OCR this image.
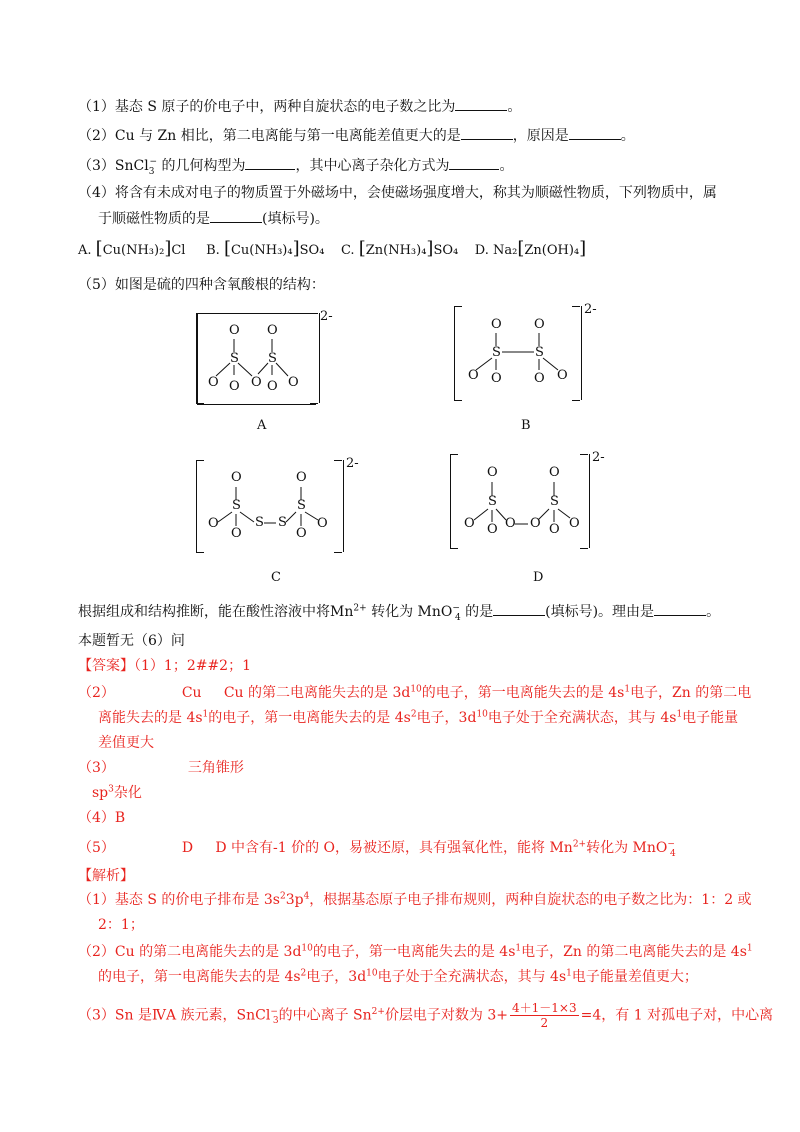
（1）基态 S 原子的价电子中，两种自旋状态的电子数之比为	。
（2）Cu 与 Zn 相比，第二电离能与第一电离能差值更大的是	，原因是	。
（3）SnCl$_3$− 的几何构型为	，其中心离子杂化方式为	。
（4）将含有未成对电子的物质置于外磁场中，会使磁场强度增大，称其为顺磁性物质，下列物质中，属
于顺磁性物质的是	(填标号)。
A. [Cu(NH₃)₂]Cl B. [Cu(NH₃)₄]SO₄ C. [Zn(NH₃)₄]SO₄ D. Na₂[Zn(OH)₄]
（5）如图是硫的四种含氧酸根的结构：
O
S
O O O
O
S
O O
2-
A
O
S
O O
O
S
O O
2-
B
O
S
O
O
S S
O
S
O
O
2-
C
O
S
O O O O
O
S
O O
2-
D
根据组成和结构推断，能在酸性溶液中将$Mn^{2+}$ 转化为 MnO−$_4$ 的是	(填标号)。理由是	。
本题暂无（6）问
【答案】（1）1；2##2；1
（2）	Cu Cu 的第二电离能失去的是 $3d^{10}$的电子，第一电离能失去的是 $4s^1$电子，Zn 的第二电
离能失去的是 $4s^1$的电子，第一电离能失去的是 $4s^2$电子，$3d^{10}$电子处于全充满状态，其与 $4s^1$电子能量
差值更大
（3）	三角锥形
$sp^3$杂化
（4）B
（5）	D D 中含有-1 价的 O，易被还原，具有强氧化性，能将 $Mn^{2+}$转化为 MnO−$_4$
【解析】
（1）基态 S 的价电子排布是 $3s^23p^4$，根据基态原子电子排布规则，两种自旋状态的电子数之比为：1：2 或
2：1；
（2）Cu 的第二电离能失去的是 $3d^{10}$的电子，第一电离能失去的是 $4s^1$电子，Zn 的第二电离能失去的是 $4s^1$
的电子，第一电离能失去的是 $4s^2$电子，$3d^{10}$电子处于全充满状态，其与 $4s^1$电子能量差值更大；
（3）Sn 是ⅣA 族元素，SnCl−$_3$的中心离子 $Sn^{2+}$价层电子对数为 $3+ \frac{4+1-1\times 3}{2} =4$，有 1 对孤电子对，中心离
